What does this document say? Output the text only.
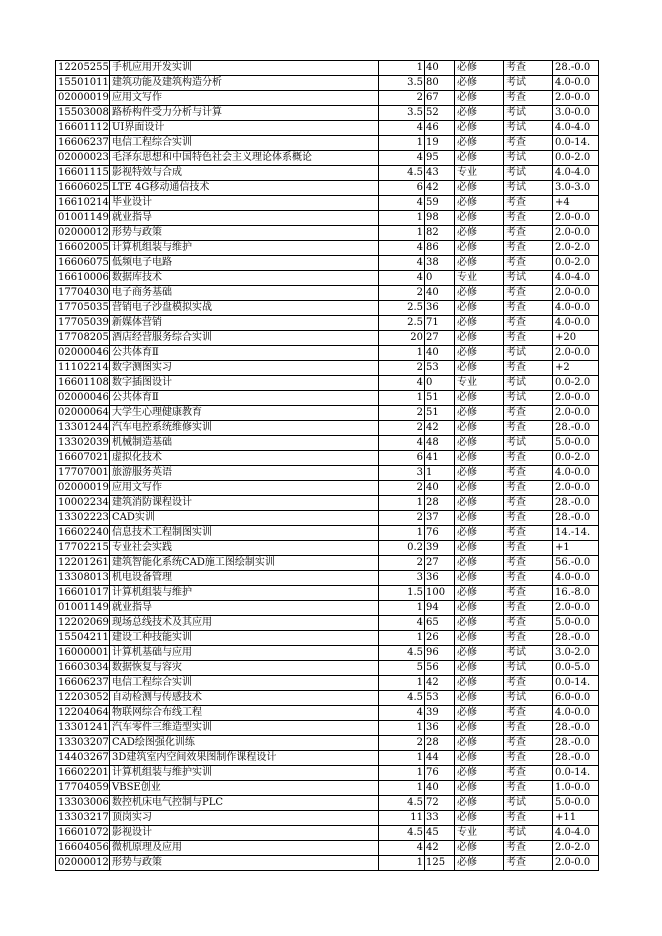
12205255	手机应用开发实训	1	40	必修	考查	28.-0.0
15501011	建筑功能及建筑构造分析	3.5	80	必修	考试	4.0-0.0
02000019	应用文写作	2	67	必修	考查	2.0-0.0
15503008	路桥构件受力分析与计算	3.5	52	必修	考试	3.0-0.0
16601112	UI界面设计	4	46	必修	考试	4.0-4.0
16606237	电信工程综合实训	1	19	必修	考查	0.0-14.
02000023	毛泽东思想和中国特色社会主义理论体系概论	4	95	必修	考试	0.0-2.0
16601115	影视特效与合成	4.5	43	专业	考试	4.0-4.0
16606025	LTE 4G移动通信技术	6	42	必修	考试	3.0-3.0
16610214	毕业设计	4	59	必修	考查	+4
01001149	就业指导	1	98	必修	考查	2.0-0.0
02000012	形势与政策	1	82	必修	考查	2.0-0.0
16602005	计算机组装与维护	4	86	必修	考查	2.0-2.0
16606075	低频电子电路	4	38	必修	考查	0.0-2.0
16610006	数据库技术	4	0	专业	考试	4.0-4.0
17704030	电子商务基础	2	40	必修	考查	2.0-0.0
17705035	营销电子沙盘模拟实战	2.5	36	必修	考查	4.0-0.0
17705039	新媒体营销	2.5	71	必修	考查	4.0-0.0
17708205	酒店经营服务综合实训	20	27	必修	考查	+20
02000046	公共体育Ⅱ	1	40	必修	考试	2.0-0.0
11102214	数字测图实习	2	53	必修	考查	+2
16601108	数字插图设计	4	0	专业	考试	0.0-2.0
02000046	公共体育Ⅱ	1	51	必修	考试	2.0-0.0
02000064	大学生心理健康教育	2	51	必修	考查	2.0-0.0
13301244	汽车电控系统维修实训	2	42	必修	考查	28.-0.0
13302039	机械制造基础	4	48	必修	考试	5.0-0.0
16607021	虚拟化技术	6	41	必修	考查	0.0-2.0
17707001	旅游服务英语	3	1	必修	考查	4.0-0.0
02000019	应用文写作	2	40	必修	考查	2.0-0.0
10002234	建筑消防课程设计	1	28	必修	考查	28.-0.0
13302223	CAD实训	2	37	必修	考查	28.-0.0
16602240	信息技术工程制图实训	1	76	必修	考查	14.-14.
17702215	专业社会实践	0.2	39	必修	考查	+1
12201261	建筑智能化系统CAD施工图绘制实训	2	27	必修	考查	56.-0.0
13308013	机电设备管理	3	36	必修	考查	4.0-0.0
16601017	计算机组装与维护	1.5	100	必修	考查	16.-8.0
01001149	就业指导	1	94	必修	考查	2.0-0.0
12202069	现场总线技术及其应用	4	65	必修	考查	5.0-0.0
15504211	建设工种技能实训	1	26	必修	考查	28.-0.0
16000001	计算机基础与应用	4.5	96	必修	考试	3.0-2.0
16603034	数据恢复与容灾	5	56	必修	考试	0.0-5.0
16606237	电信工程综合实训	1	42	必修	考查	0.0-14.
12203052	自动检测与传感技术	4.5	53	必修	考试	6.0-0.0
12204064	物联网综合布线工程	4	39	必修	考查	4.0-0.0
13301241	汽车零件三维造型实训	1	36	必修	考查	28.-0.0
13303207	CAD绘图强化训练	2	28	必修	考查	28.-0.0
14403267	3D建筑室内空间效果图制作课程设计	1	44	必修	考查	28.-0.0
16602201	计算机组装与维护实训	1	76	必修	考查	0.0-14.
17704059	VBSE创业	1	40	必修	考查	1.0-0.0
13303006	数控机床电气控制与PLC	4.5	72	必修	考试	5.0-0.0
13303217	顶岗实习	11	33	必修	考查	+11
16601072	影视设计	4.5	45	专业	考试	4.0-4.0
16604056	微机原理及应用	4	42	必修	考查	2.0-2.0
02000012	形势与政策	1	125	必修	考查	2.0-0.0
